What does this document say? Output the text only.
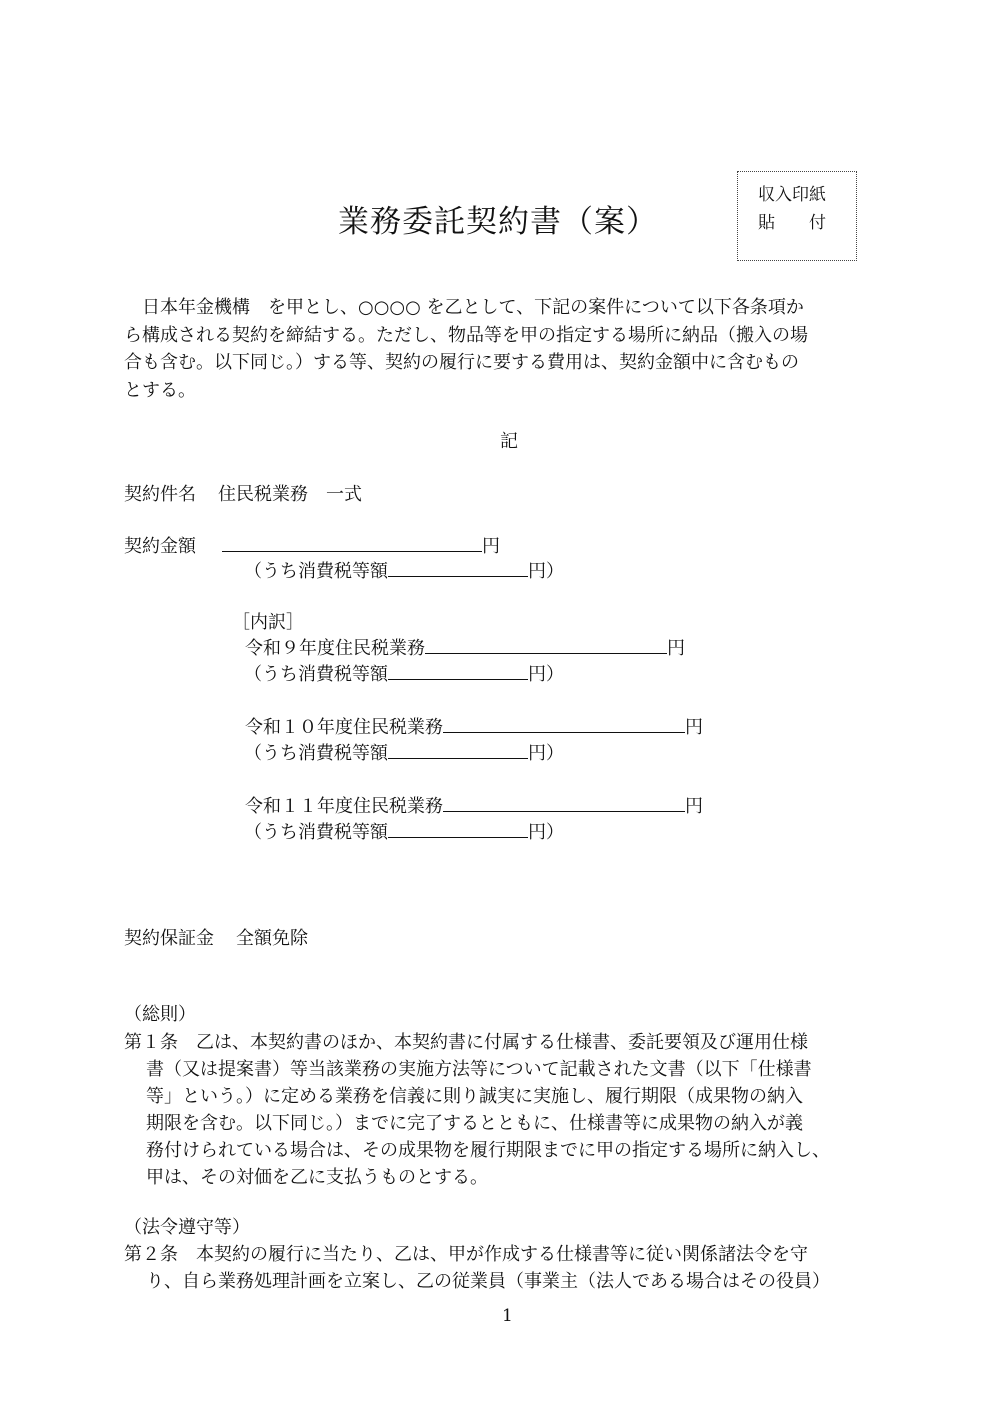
業務委託契約書（案）
収入印紙
貼　　付
　日本年金機構　を甲とし、○○○○ を乙として、下記の案件について以下各条項か
ら構成される契約を締結する。ただし、物品等を甲の指定する場所に納品（搬入の場
合も含む。以下同じ。）する等、契約の履行に要する費用は、契約金額中に含むもの
とする。
記
契約件名 住民税業務　一式
契約金額	円
（うち消費税等額	円）
［内訳］
令和９年度住民税業務	円
（うち消費税等額	円）
令和１０年度住民税業務	円
（うち消費税等額	円）
令和１１年度住民税業務	円
（うち消費税等額	円）
契約保証金 全額免除
（総則）
第１条　乙は、本契約書のほか、本契約書に付属する仕様書、委託要領及び運用仕様
書（又は提案書）等当該業務の実施方法等について記載された文書（以下「仕様書
等」という。）に定める業務を信義に則り誠実に実施し、履行期限（成果物の納入
期限を含む。以下同じ。）までに完了するとともに、仕様書等に成果物の納入が義
務付けられている場合は、その成果物を履行期限までに甲の指定する場所に納入し、
甲は、その対価を乙に支払うものとする。
（法令遵守等）
第２条　本契約の履行に当たり、乙は、甲が作成する仕様書等に従い関係諸法令を守
り、自ら業務処理計画を立案し、乙の従業員（事業主（法人である場合はその役員）
1
